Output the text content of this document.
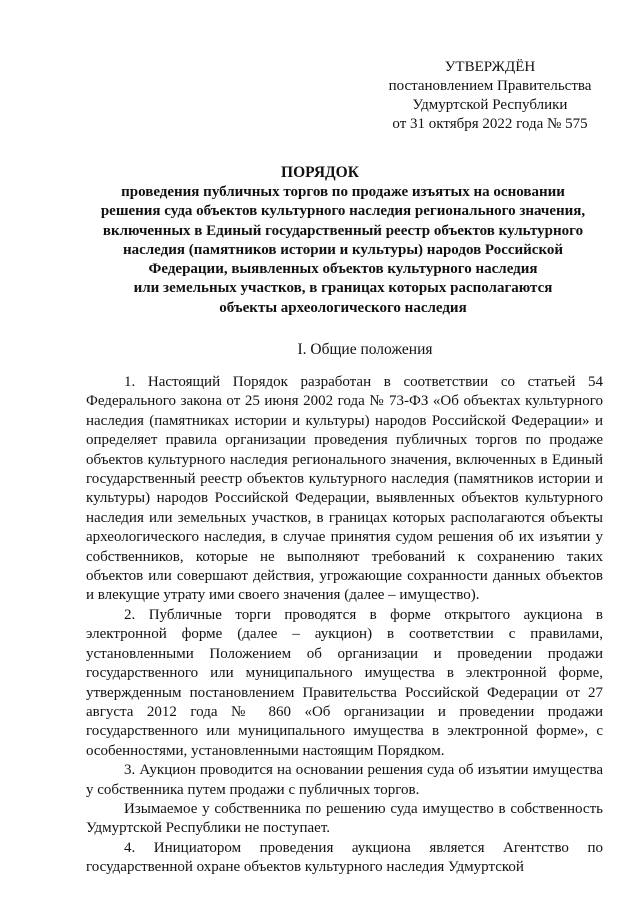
УТВЕРЖДЁН
постановлением Правительства
Удмуртской Республики
от 31 октября 2022 года № 575
ПОРЯДОК
проведения публичных торгов по продаже изъятых на основании
решения суда объектов культурного наследия регионального значения,
включенных в Единый государственный реестр объектов культурного
наследия (памятников истории и культуры) народов Российской
Федерации, выявленных объектов культурного наследия
или земельных участков, в границах которых располагаются
объекты археологического наследия
I. Общие положения

1. Настоящий Порядок разработан в соответствии со статьей 54 Федерального закона от 25 июня 2002 года № 73-ФЗ «Об объектах культурного наследия (памятниках истории и культуры) народов Российской Федерации» и определяет правила организации проведения публичных торгов по продаже объектов культурного наследия регионального значения, включенных в Единый государственный реестр объектов культурного наследия (памятников истории и культуры) народов Российской Федерации, выявленных объектов культурного наследия или земельных участков, в границах которых располагаются объекты археологического наследия, в случае принятия судом решения об их изъятии у собственников, которые не выполняют требований к сохранению таких объектов или совершают действия, угрожающие сохранности данных объектов и влекущие утрату ими своего значения (далее – имущество).

2. Публичные торги проводятся в форме открытого аукциона в электронной форме (далее – аукцион) в соответствии с правилами, установленными Положением об организации и проведении продажи государственного или муниципального имущества в электронной форме, утвержденным постановлением Правительства Российской Федерации от 27 августа 2012 года № 860 «Об организации и проведении продажи государственного или муниципального имущества в электронной форме», с особенностями, установленными настоящим Порядком.

3. Аукцион проводится на основании решения суда об изъятии имущества у собственника путем продажи с публичных торгов.

Изымаемое у собственника по решению суда имущество в собственность Удмуртской Республики не поступает.

4. Инициатором проведения аукциона является Агентство по государственной охране объектов культурного наследия Удмуртской
